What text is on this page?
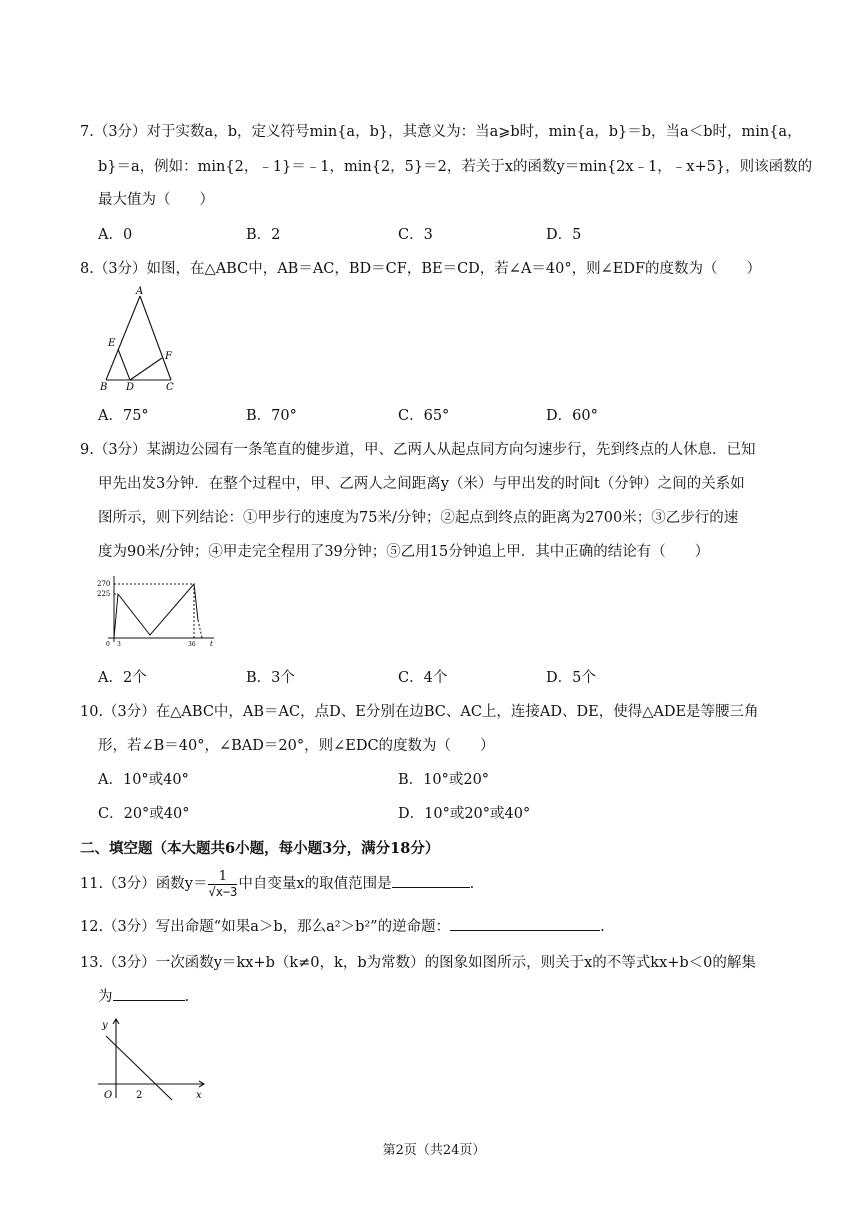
7.（3分）对于实数a，b，定义符号min{a，b}，其意义为：当a⩾b时，min{a，b}＝b，当a＜b时，min{a，
b}＝a，例如：min{2，﹣1}＝﹣1，min{2，5}＝2，若关于x的函数y＝min{2x﹣1，﹣x+5}，则该函数的
最大值为（　　）
A．0	B．2	C．3	D．5
8.（3分）如图，在△ABC中，AB＝AC，BD＝CF，BE＝CD，若∠A＝40°，则∠EDF的度数为（　　）
A
E
F
B D	C
A．75°	B．70°	C．65°	D．60°
9.（3分）某湖边公园有一条笔直的健步道，甲、乙两人从起点同方向匀速步行，先到终点的人休息．已知
甲先出发3分钟．在整个过程中，甲、乙两人之间距离y（米）与甲出发的时间t（分钟）之间的关系如
图所示，则下列结论：①甲步行的速度为75米/分钟；②起点到终点的距离为2700米；③乙步行的速
度为90米/分钟；④甲走完全程用了39分钟；⑤乙用15分钟追上甲．其中正确的结论有（　　）
270
225
0 3	36 t
A．2个	B．3个	C．4个	D．5个
10.（3分）在△ABC中，AB＝AC，点D、E分别在边BC、AC上，连接AD、DE，使得△ADE是等腰三角
形，若∠B＝40°，∠BAD＝20°，则∠EDC的度数为（　　）
A．10°或40°	B．10°或20°
C．20°或40°	D．10°或20°或40°
二、填空题（本大题共6小题，每小题3分，满分18分）
11.（3分）函数$y= \frac{1}{√x-3}$ 中自变量x的取值范围是	.
12.（3分）写出命题“如果a＞b，那么a²＞b²”的逆命题：	.
13.（3分）一次函数y＝kx+b（k≠0，k，b为常数）的图象如图所示，则关于x的不等式kx+b＜0的解集
为	.
y
x
O 2
第2页（共24页）
